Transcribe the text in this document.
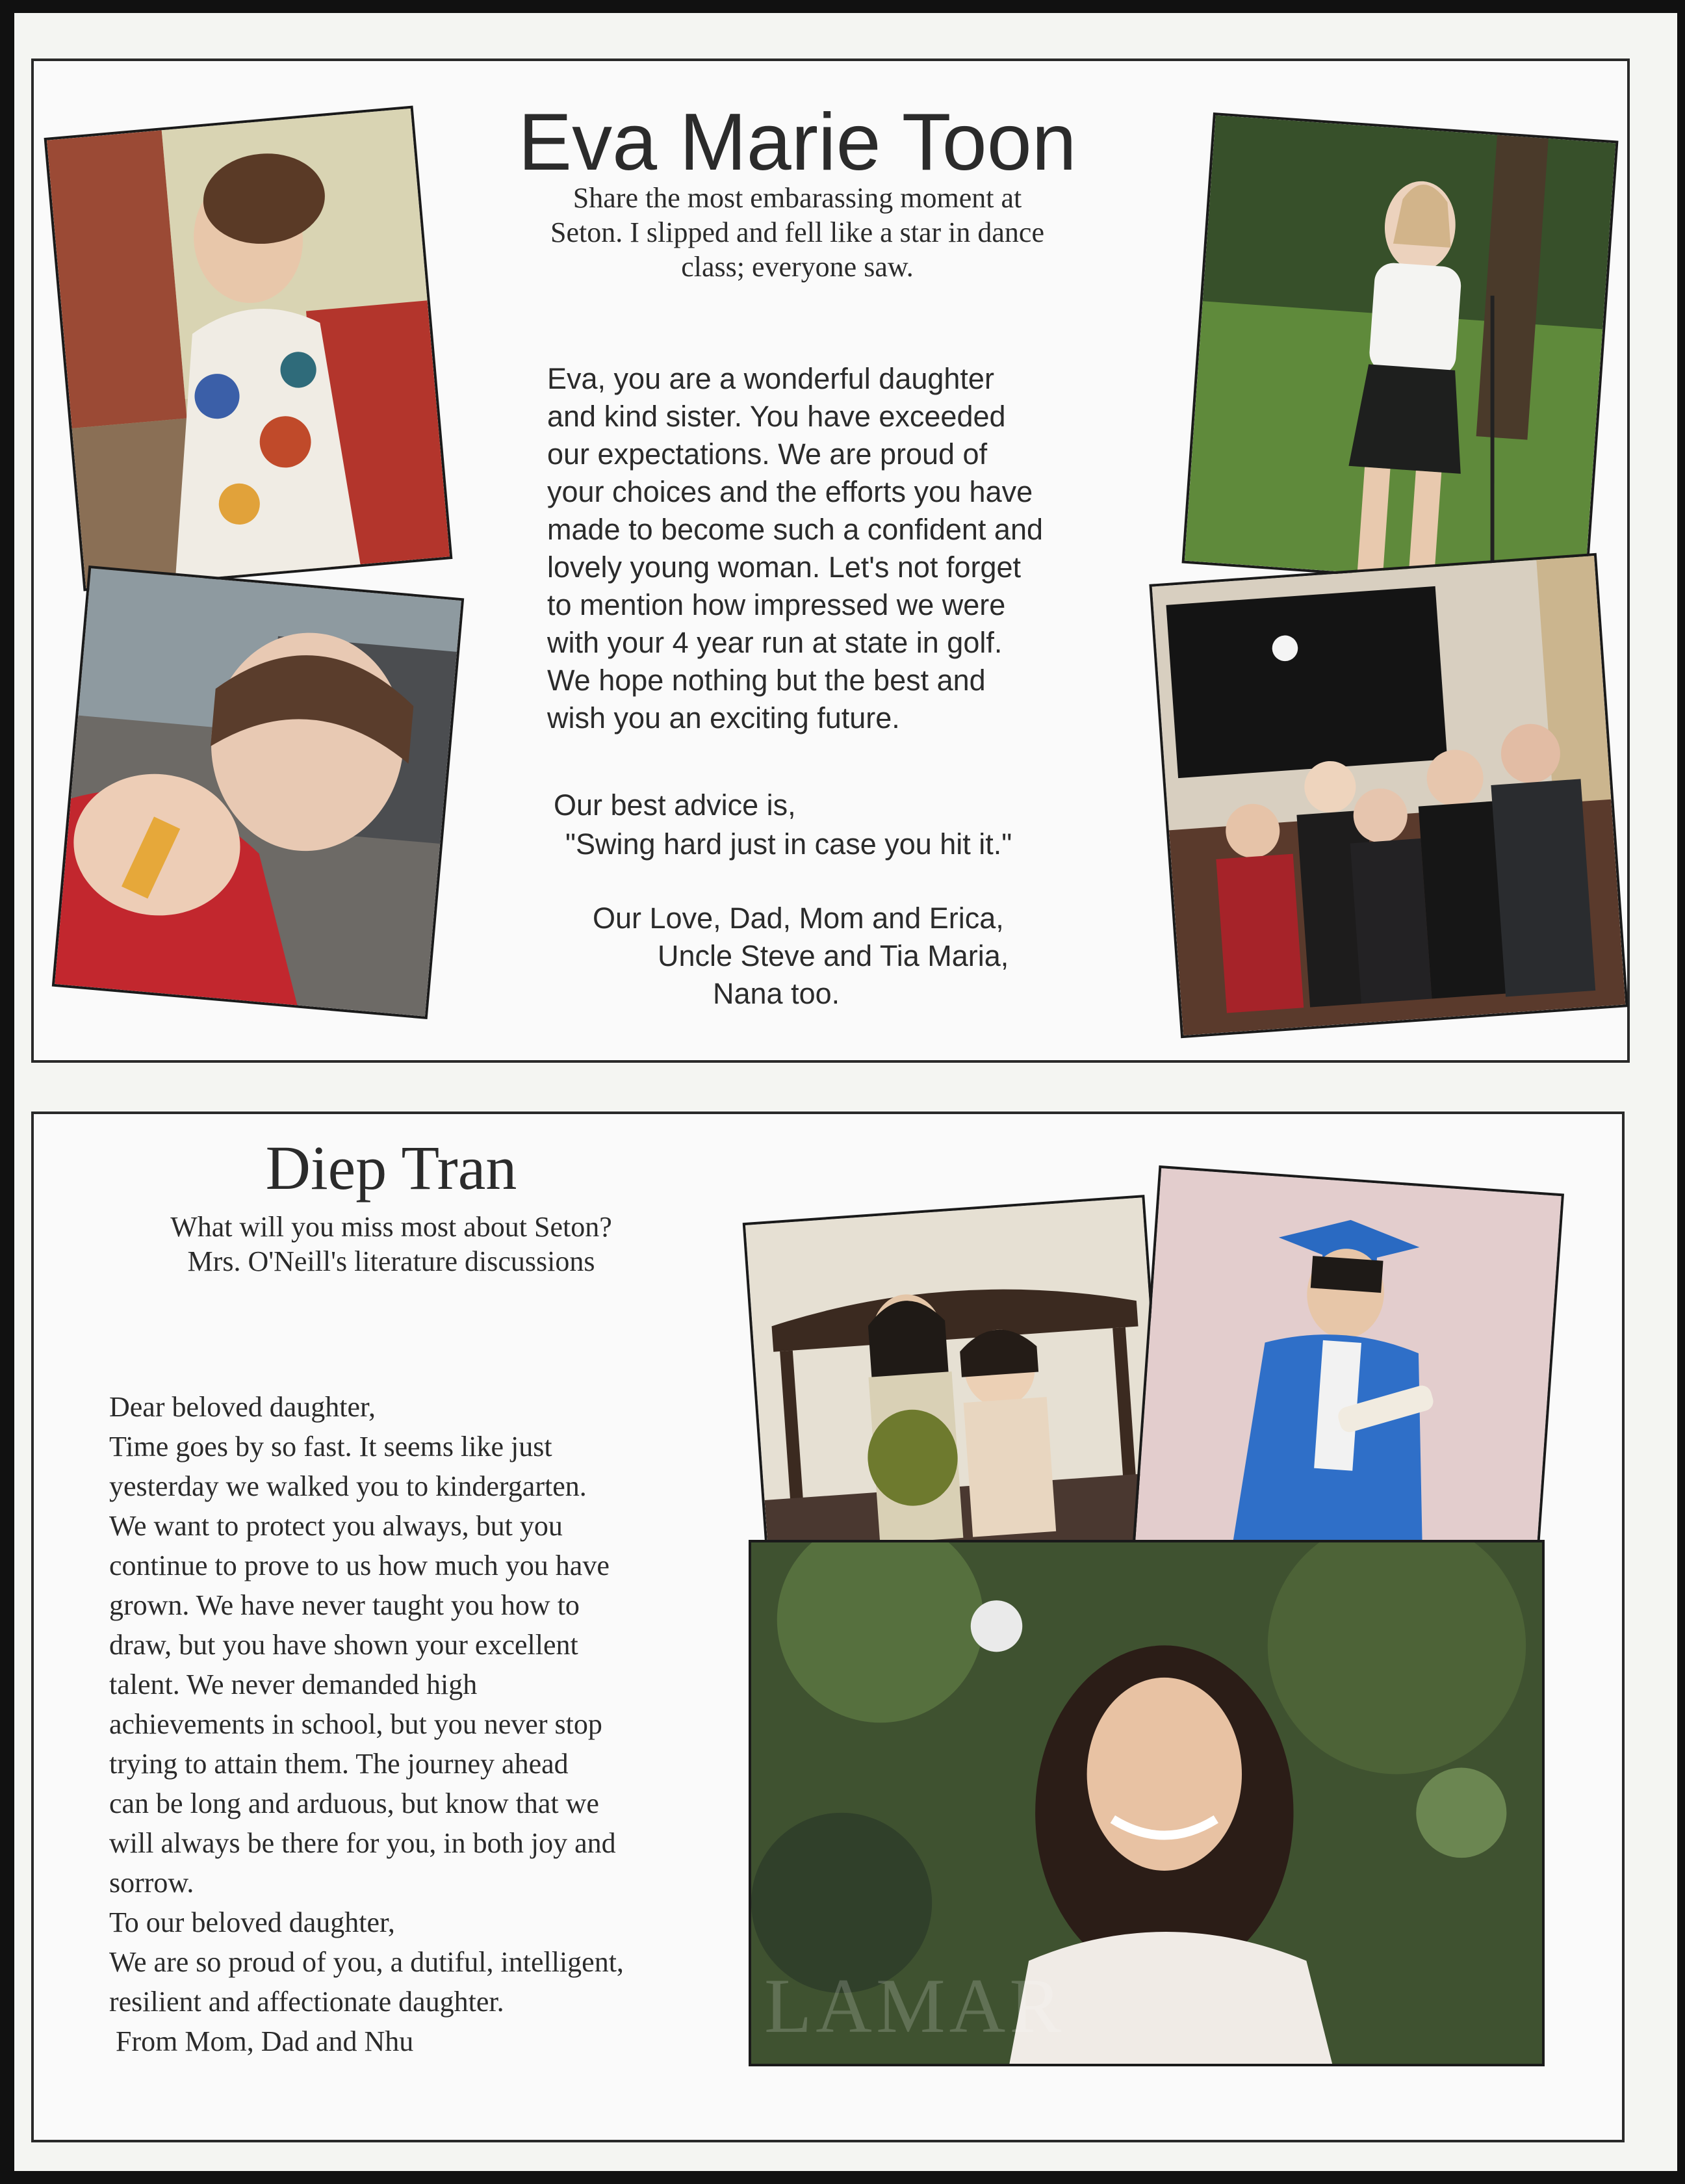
Eva Marie Toon
Share the most embarassing moment at
Seton. I slipped and fell like a star in dance
class; everyone saw.

Eva, you are a wonderful daughter

and kind sister. You have exceeded

our expectations. We are proud of

your choices and the efforts you have

made to become such a confident and

lovely young woman. Let's not forget

to mention how impressed we were

with your 4 year run at state in golf.

We hope nothing but the best and

wish you an exciting future.

Our best advice is,
"Swing hard just in case you hit it."
Our Love, Dad, Mom and Erica,
Uncle Steve and Tia Maria,
Nana too.
Diep Tran
What will you miss most about Seton?
Mrs. O'Neill's literature discussions
Dear beloved daughter,
Time goes by so fast. It seems like just
yesterday we walked you to kindergarten.
We want to protect you always, but you
continue to prove to us how much you have
grown. We have never taught you how to
draw, but you have shown your excellent
talent. We never demanded high
achievements in school, but you never stop
trying to attain them. The journey ahead
can be long and arduous, but know that we
will always be there for you, in both joy and
sorrow.
To our beloved daughter,
We are so proud of you, a dutiful, intelligent,
resilient and affectionate daughter.
From Mom, Dad and Nhu	LAMAR
